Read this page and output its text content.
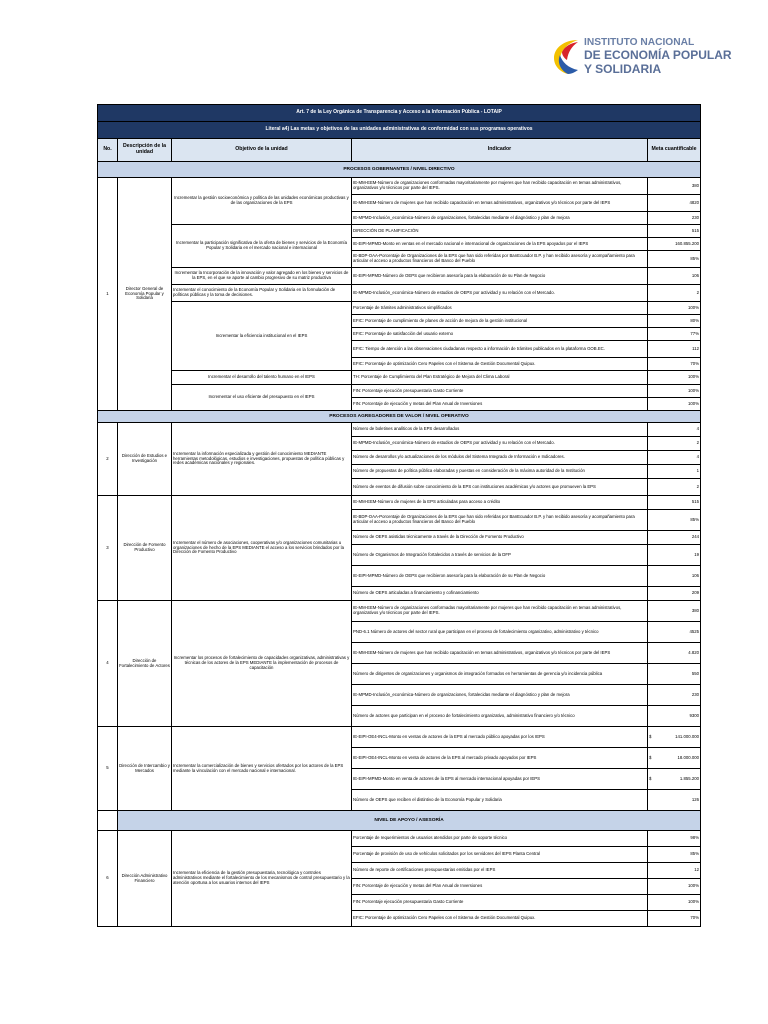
INSTITUTO NACIONAL
DE ECONOMÍA POPULAR
Y SOLIDARIA
Art. 7 de la Ley Orgánica de Transparencia y Acceso a la Información Pública - LOTAIP				
Literal a4) Las metas y objetivos de las unidades administrativas de conformidad con sus programas operativos				
No.	Descripción de la unidad	Objetivo de la unidad	Indicador	Meta cuantificable
PROCESOS GOBERNANTES / NIVEL DIRECTIVO				
1	Director General de Economía Popular y Solidaria	Incrementar la gestión socioeconómica y política de las unidades económicas productivas y de las organizaciones de la EPS	IE-MM-EEM-Número de organizaciones conformadas mayoritariamente por mujeres que han recibido capacitación en temas administrativos, organizativos y/o técnicos por parte del IEPS.	380
			IE-MM-EEM-Número de mujeres que han recibido capacitación en temas administrativos, organizativos y/o técnicos por parte del IEPS	4820
			IE-MPMD-Inclusión_económica-Número de organizaciones, fortalecidas mediante el diagnóstico y plan de mejora	230
		Incrementar la participación significativa de la oferta de bienes y servicios de la Economía Popular y Solidaria en el mercado nacional e internacional	DIRECCIÓN DE PLANIFICACIÓN	515
			IE-EIPI-MPMD-Monto en ventas en el mercado nacional e internacional de organizaciones de la EPS apoyados por el IEPS	160.855.200
			IE-BDP-OAA-Porcentaje de Organizaciones de la EPS que han sido referidas por BanEcuador B.P. y han recibido asesoría y acompañamiento para articular el acceso a productos financieros del Banco del Pueblo	85%
		Incrementar la Incorporación de la innovación y valor agregado en los bienes y servicios de la EPS, en el que se aporte al cambio progresivo de su matriz productiva	IE-EIPI-MPMD-Número de OEPS que recibieron asesoría para la elaboración de su Plan de Negocio	106
		Incrementar el conocimiento de la Economía Popular y Solidaria en la formulación de políticas públicas y la toma de decisiones.	IE-MPMD-Inclusión_económica-Número de estudios de OEPS por actividad y su relación con el Mercado.	2
		Incrementar la eficiencia institucional en el IEPS	Porcentaje de trámites administrativos simplificados	100%
			EFIC: Porcentaje de cumplimiento de planes de acción de mejora de la gestión institucional	80%
			EFIC: Porcentaje de satisfacción del usuario externo	77%
			EFIC: Tiempo de atención a las observaciones ciudadanas respecto a información de trámites publicados en la plataforma GOB.EC.	112
			EFIC: Porcentaje de optimización Cero Papeles con el Sistema de Gestión Documental Quipux.	70%
		Incrementar el desarrollo del talento humano en el IEPS	TH: Porcentaje de Cumplimiento del Plan Estratégico de Mejora del Clima Laboral	100%
		Incrementar el uso eficiente del presupuesto en el IEPS	FIN: Porcentaje ejecución presupuestaria Gasto Corriente	100%
			FIN: Porcentaje de ejecución y metas del Plan Anual de Inversiones	100%
PROCESOS AGREGADORES DE VALOR / NIVEL OPERATIVO				
2	Dirección de Estudios e Investigación	Incrementar la información especializada y gestión del conocimiento MEDIANTE herramientas metodológicas, estudios e investigaciones, propuestas de política públicas y redes académicas nacionales y regionales.	Número de boletines analíticos de la EPS desarrollados	4
			IE-MPMD-Inclusión_económica-Número de estudios de OEPS por actividad y su relación con el Mercado.	2
			Número de desarrollos y/o actualizaciones de los módulos del Sistema Integrado de Información e Indicadores.	4
			Número de propuestas de política pública elaboradas y puestas en consideración de la máxima autoridad de la Institución	1
			Número de eventos de difusión sobre conocimiento de la EPS con instituciones académicas y/o actores que promueven la EPS	2
3	Dirección de Fomento Productivo	Incrementar el número de asociaciones, cooperativas y/o organizaciones comunitarias u organizaciones de hecho de la EPS MEDIANTE el acceso a los servicios brindados por la Dirección de Fomento Productivo	IE-MM-EEM-Número de mujeres de la EPS articuladas para acceso a crédito	515
			IE-BDP-OAA-Porcentaje de Organizaciones de la EPS que han sido referidas por BanEcuador B.P. y han recibido asesoría y acompañamiento para articular el acceso a productos financieros del Banco del Pueblo	85%
			Número de OEPS asistidas técnicamente a través de la Dirección de Fomento Productivo	244
			Número de Organismos de Integración fortalecidos a través de servicios de la DFP	19
			IE-EIPI-MPMD-Número de OEPS que recibieron asesoría para la elaboración de su Plan de Negocio	106
			Número de OEPS articuladas a financiamiento y cofinanciamiento	209
4	Dirección de Fortalecimiento de Actores	Incrementar los procesos de fortalecimiento de capacidades organizativas, administrativas y técnicas de los actores de la EPS MEDIANTE la implementación de procesos de capacitación	IE-MM-EEM-Número de organizaciones conformadas mayoritariamente por mujeres que han recibido capacitación en temas administrativos, organizativos y/o técnicos por parte del IEPS.	380
			PND-6.1 Número de actores del sector rural que participan en el proceso de fortalecimiento organizativo, administrativo y técnico	4525
			IE-MM-EEM-Número de mujeres que han recibido capacitación en temas administrativos, organizativos y/o técnicos por parte del IEPS	4.820
			Número de dirigentes de organizaciones y organismos de integración formados en herramientas de gerencia y/o incidencia pública	550
			IE-MPMD-Inclusión_económica-Número de organizaciones, fortalecidas mediante el diagnóstico y plan de mejora	230
			Número de actores que participan en el proceso de fortalecimiento organizativo, administrativo financiero y/o técnico	9300
5	Dirección de Intercambio y Mercados	Incrementar la comercialización de bienes y servicios ofertados por los actores de la EPS mediante la vinculación con el mercado nacional e internacional.	IE-EIPI-OE4-INCL-Monto en ventas de actores de la EPS al mercado público apoyadas por los IEPS	$ 141.000.000

			IE-EIPI-OE4-INCL-Monto en venta de actores de la EPS al mercado privado apoyados por IEPS	$ 18.000.000

			IE-EIPI-MPMD-Monto en venta de actores de la EPS al mercado internacional apoyadas por IEPS	$ 1.855.200

			Número de OEPS que reciben el distintivo de la Economía Popular y Solidaria	126
	NIVEL DE APOYO / ASESORÍA			
6	Dirección Administrativo Financiero	Incrementar la eficiencia de la gestión presupuestaria, tecnológica y controles administrativos mediante el fortalecimiento de los mecanismos de control presupuestario y la atención oportuna a los usuarios internos del IEPS	Porcentaje de requerimientos de usuarios atendidos por parte de soporte técnico	98%
			Porcentaje de provisión de uso de vehículos solicitados por los servidores del IEPS Planta Central	85%
			Número de reporte de certificaciones presupuestarias emitidas por el IEPS	12
			FIN: Porcentaje de ejecución y metas del Plan Anual de Inversiones	100%
			FIN: Porcentaje ejecución presupuestaria Gasto Corriente	100%
			EFIC: Porcentaje de optimización Cero Papeles con el Sistema de Gestión Documental Quipux.	70%
